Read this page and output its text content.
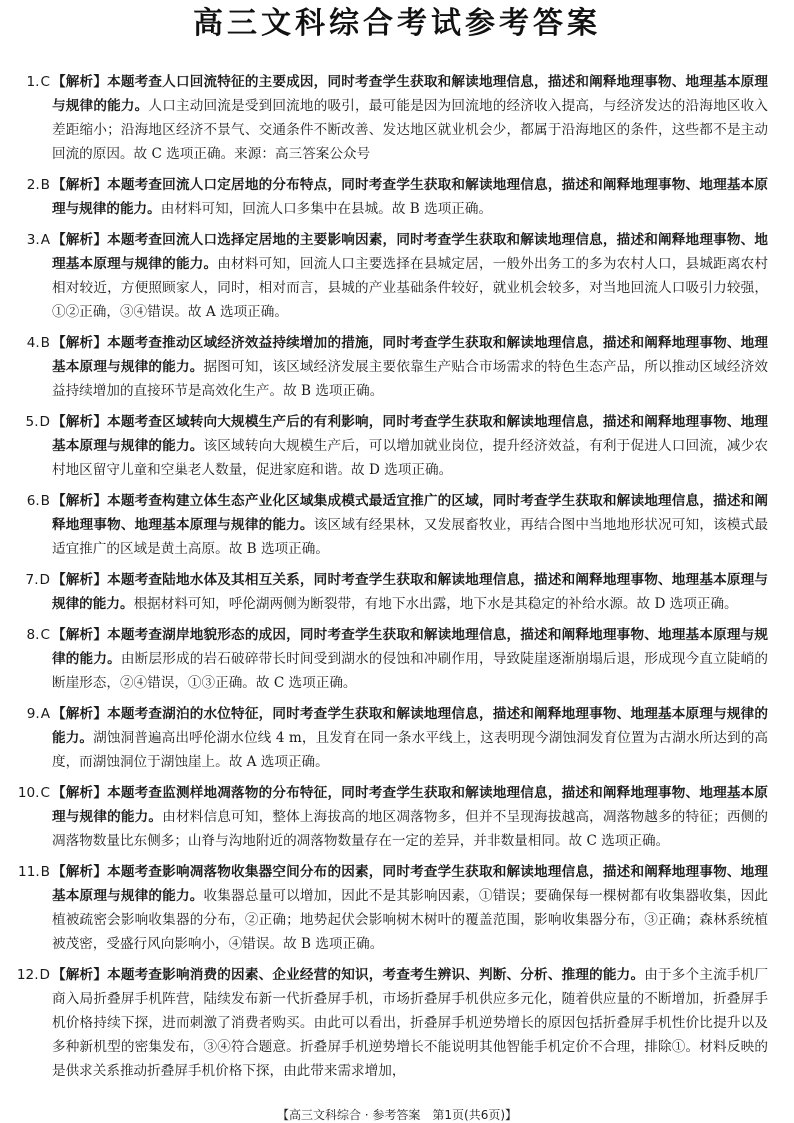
高三文科综合考试参考答案
1.C 【解析】本题考查人口回流特征的主要成因，同时考查学生获取和解读地理信息，描述和阐释地理事物、地理基本原理与规律的能力。人口主动回流是受到回流地的吸引，最可能是因为回流地的经济收入提高，与经济发达的沿海地区收入差距缩小；沿海地区经济不景气、交通条件不断改善、发达地区就业机会少，都属于沿海地区的条件，这些都不是主动回流的原因。故 C 选项正确。来源：高三答案公众号
2.B 【解析】本题考查回流人口定居地的分布特点，同时考查学生获取和解读地理信息，描述和阐释地理事物、地理基本原理与规律的能力。由材料可知，回流人口多集中在县城。故 B 选项正确。
3.A 【解析】本题考查回流人口选择定居地的主要影响因素，同时考查学生获取和解读地理信息，描述和阐释地理事物、地理基本原理与规律的能力。由材料可知，回流人口主要选择在县城定居，一般外出务工的多为农村人口，县城距离农村相对较近，方便照顾家人，同时，相对而言，县城的产业基础条件较好，就业机会较多，对当地回流人口吸引力较强，①②正确，③④错误。故 A 选项正确。
4.B 【解析】本题考查推动区域经济效益持续增加的措施，同时考查学生获取和解读地理信息，描述和阐释地理事物、地理基本原理与规律的能力。据图可知，该区域经济发展主要依靠生产贴合市场需求的特色生态产品，所以推动区域经济效益持续增加的直接环节是高效化生产。故 B 选项正确。
5.D 【解析】本题考查区域转向大规模生产后的有利影响，同时考查学生获取和解读地理信息，描述和阐释地理事物、地理基本原理与规律的能力。该区域转向大规模生产后，可以增加就业岗位，提升经济效益，有利于促进人口回流，减少农村地区留守儿童和空巢老人数量，促进家庭和谐。故 D 选项正确。
6.B 【解析】本题考查构建立体生态产业化区域集成模式最适宜推广的区域，同时考查学生获取和解读地理信息，描述和阐释地理事物、地理基本原理与规律的能力。该区域有经果林，又发展畜牧业，再结合图中当地地形状况可知，该模式最适宜推广的区域是黄土高原。故 B 选项正确。
7.D 【解析】本题考查陆地水体及其相互关系，同时考查学生获取和解读地理信息，描述和阐释地理事物、地理基本原理与规律的能力。根据材料可知，呼伦湖两侧为断裂带，有地下水出露，地下水是其稳定的补给水源。故 D 选项正确。
8.C 【解析】本题考查湖岸地貌形态的成因，同时考查学生获取和解读地理信息，描述和阐释地理事物、地理基本原理与规律的能力。由断层形成的岩石破碎带长时间受到湖水的侵蚀和冲刷作用，导致陡崖逐渐崩塌后退，形成现今直立陡峭的断崖形态，②④错误，①③正确。故 C 选项正确。
9.A 【解析】本题考查湖泊的水位特征，同时考查学生获取和解读地理信息，描述和阐释地理事物、地理基本原理与规律的能力。湖蚀洞普遍高出呼伦湖水位线 4 m，且发育在同一条水平线上，这表明现今湖蚀洞发育位置为古湖水所达到的高度，而湖蚀洞位于湖蚀崖上。故 A 选项正确。
10.C 【解析】本题考查监测样地凋落物的分布特征，同时考查学生获取和解读地理信息，描述和阐释地理事物、地理基本原理与规律的能力。由材料信息可知，整体上海拔高的地区凋落物多，但并不呈现海拔越高，凋落物越多的特征；西侧的凋落物数量比东侧多；山脊与沟地附近的凋落物数量存在一定的差异，并非数量相同。故 C 选项正确。
11.B 【解析】本题考查影响凋落物收集器空间分布的因素，同时考查学生获取和解读地理信息，描述和阐释地理事物、地理基本原理与规律的能力。收集器总量可以增加，因此不是其影响因素，①错误；要确保每一棵树都有收集器收集，因此植被疏密会影响收集器的分布，②正确；地势起伏会影响树木树叶的覆盖范围，影响收集器分布，③正确；森林系统植被茂密，受盛行风向影响小，④错误。故 B 选项正确。
12.D 【解析】本题考查影响消费的因素、企业经营的知识，考查考生辨识、判断、分析、推理的能力。由于多个主流手机厂商入局折叠屏手机阵营，陆续发布新一代折叠屏手机，市场折叠屏手机供应多元化，随着供应量的不断增加，折叠屏手机价格持续下探，进而刺激了消费者购买。由此可以看出，折叠屏手机逆势增长的原因包括折叠屏手机性价比提升以及多种新机型的密集发布，③④符合题意。折叠屏手机逆势增长不能说明其他智能手机定价不合理，排除①。材料反映的是供求关系推动折叠屏手机价格下探，由此带来需求增加，
【高三文科综合 · 参考答案　第1页(共6页)】
